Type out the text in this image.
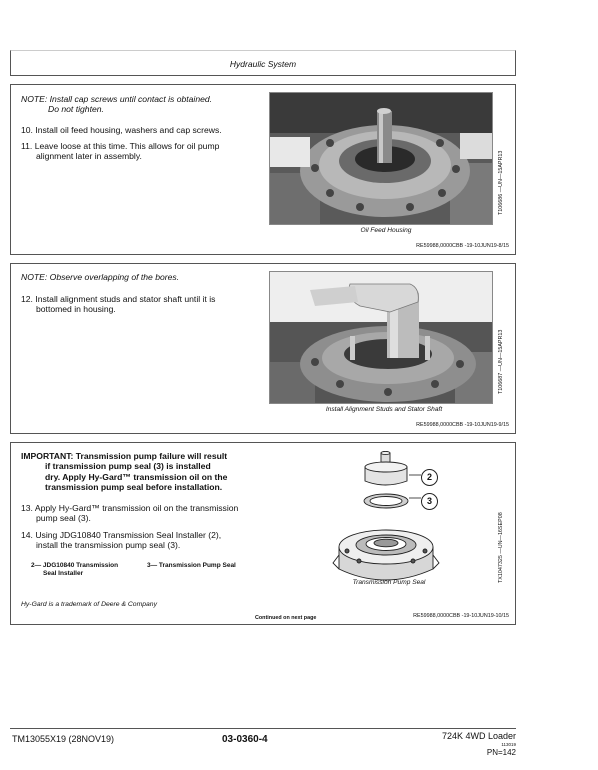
Hydraulic System
NOTE: Install cap screws until contact is obtained.
Do not tighten.
10. Install oil feed housing, washers and cap screws.
11. Leave loose at this time. This allows for oil pump
alignment later in assembly.
Oil Feed Housing
T106686 —UN—15APR13
RE59988,0000CBB -19-10JUN19-8/15
NOTE: Observe overlapping of the bores.
12. Install alignment studs and stator shaft until it is
bottomed in housing.
Install Alignment Studs and Stator Shaft
T106687 —UN—15APR13
RE59988,0000CBB -19-10JUN19-9/15
IMPORTANT: Transmission pump failure will result
if transmission pump seal (3) is installed
dry. Apply Hy-Gard™ transmission oil on the
transmission pump seal before installation.
13. Apply Hy-Gard™ transmission oil on the transmission
pump seal (3).
14. Using JDG10840 Transmission Seal Installer (2),
install the transmission pump seal (3).
2— JDG10840 Transmission
Seal Installer
3— Transmission Pump Seal
Hy-Gard is a trademark of Deere & Company
Continued on next page
2
3
Transmission Pump Seal	TX1047325 —UN—16SEP08
RE59988,0000CBB -19-10JUN19-10/15
TM13055X19 (28NOV19)	03-0360-4	724K 4WD Loader
113019
PN=142
